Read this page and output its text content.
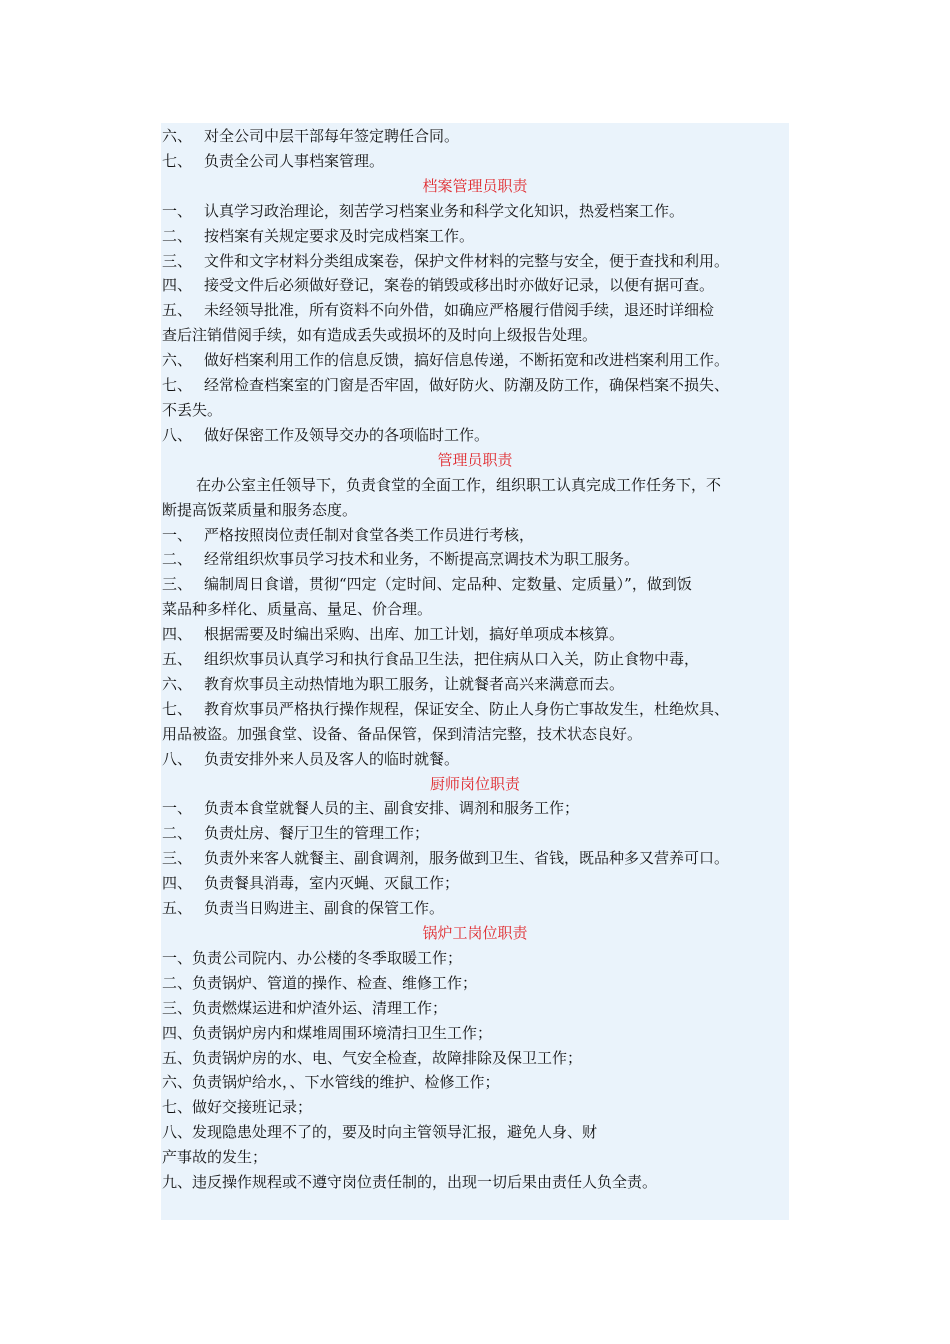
六、 对全公司中层干部每年签定聘任合同。
七、 负责全公司人事档案管理。
档案管理员职责
一、 认真学习政治理论，刻苦学习档案业务和科学文化知识，热爱档案工作。
二、 按档案有关规定要求及时完成档案工作。
三、 文件和文字材料分类组成案卷，保护文件材料的完整与安全，便于查找和利用。
四、 接受文件后必须做好登记，案卷的销毁或移出时亦做好记录，以便有据可查。
五、 未经领导批准，所有资料不向外借，如确应严格履行借阅手续，退还时详细检
查后注销借阅手续，如有造成丢失或损坏的及时向上级报告处理。
六、 做好档案利用工作的信息反馈，搞好信息传递，不断拓宽和改进档案利用工作。
七、 经常检查档案室的门窗是否牢固，做好防火、防潮及防工作，确保档案不损失、
不丢失。
八、 做好保密工作及领导交办的各项临时工作。
管理员职责
在办公室主任领导下，负责食堂的全面工作，组织职工认真完成工作任务下，不
断提高饭菜质量和服务态度。
一、 严格按照岗位责任制对食堂各类工作员进行考核，
二、 经常组织炊事员学习技术和业务，不断提高烹调技术为职工服务。
三、 编制周日食谱，贯彻“四定（定时间、定品种、定数量、定质量）”，做到饭
菜品种多样化、质量高、量足、价合理。
四、 根据需要及时编出采购、出库、加工计划，搞好单项成本核算。
五、 组织炊事员认真学习和执行食品卫生法，把住病从口入关，防止食物中毒，
六、 教育炊事员主动热情地为职工服务，让就餐者高兴来满意而去。
七、 教育炊事员严格执行操作规程，保证安全、防止人身伤亡事故发生，杜绝炊具、
用品被盗。加强食堂、设备、备品保管，保到清洁完整，技术状态良好。
八、 负责安排外来人员及客人的临时就餐。
厨师岗位职责
一、 负责本食堂就餐人员的主、副食安排、调剂和服务工作；
二、 负责灶房、餐厅卫生的管理工作；
三、 负责外来客人就餐主、副食调剂，服务做到卫生、省钱，既品种多又营养可口。
四、 负责餐具消毒，室内灭蝇、灭鼠工作；
五、 负责当日购进主、副食的保管工作。
锅炉工岗位职责
一、负责公司院内、办公楼的冬季取暖工作；
二、负责锅炉、管道的操作、检查、维修工作；
三、负责燃煤运进和炉渣外运、清理工作；
四、负责锅炉房内和煤堆周围环境清扫卫生工作；
五、负责锅炉房的水、电、气安全检查，故障排除及保卫工作；
六、负责锅炉给水，、下水管线的维护、检修工作；
七、做好交接班记录；
八、发现隐患处理不了的，要及时向主管领导汇报，避免人身、财
产事故的发生；
九、违反操作规程或不遵守岗位责任制的，出现一切后果由责任人负全责。
